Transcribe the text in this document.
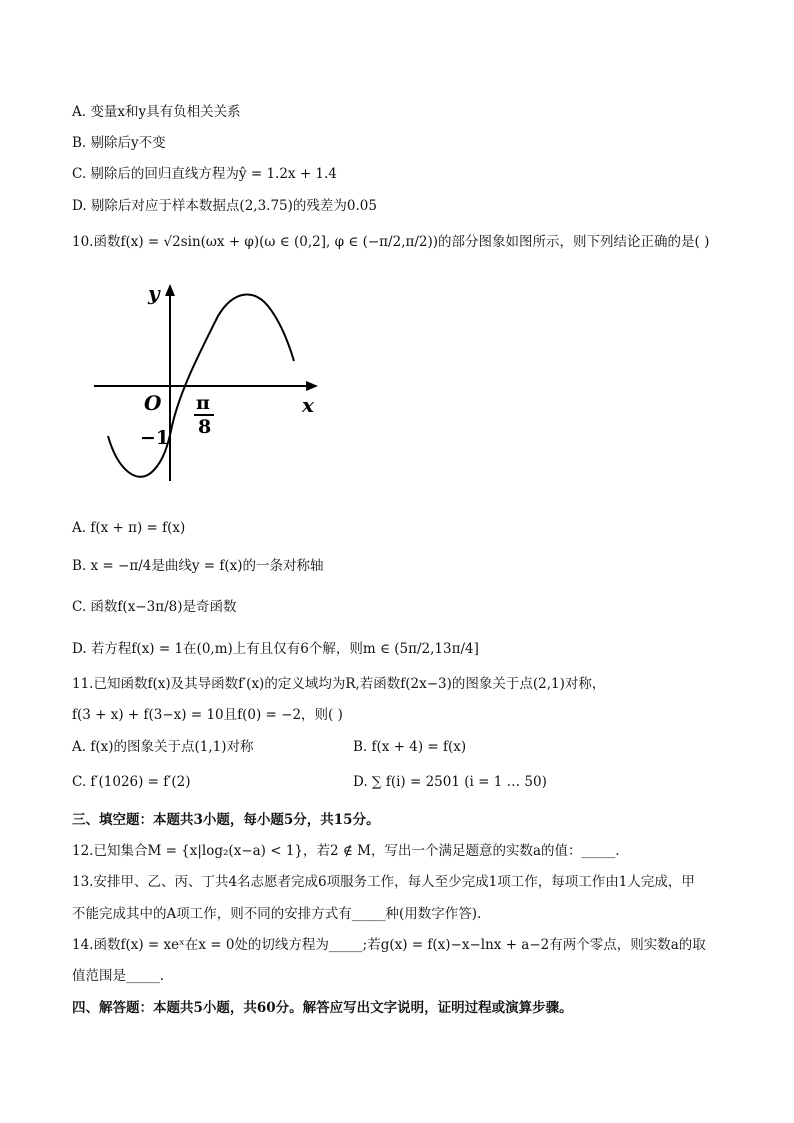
A. 变量x和y具有负相关关系
B. 剔除后y不变
C. 剔除后的回归直线方程为ŷ = 1.2x + 1.4
D. 剔除后对应于样本数据点(2,3.75)的残差为0.05
10.函数f(x) = √2sin(ωx + φ)(ω ∈ (0,2], φ ∈ (−π/2,π/2))的部分图象如图所示，则下列结论正确的是( )
y
x
O
−1
π
8
A. f(x + π) = f(x)
B. x = −π/4是曲线y = f(x)的一条对称轴
C. 函数f(x−3π/8)是奇函数
D. 若方程f(x) = 1在(0,m)上有且仅有6个解，则m ∈ (5π/2,13π/4]
11.已知函数f(x)及其导函数f′(x)的定义域均为R,若函数f(2x−3)的图象关于点(2,1)对称，
f(3 + x) + f(3−x) = 10且f(0) = −2，则( )
A. f(x)的图象关于点(1,1)对称	B. f(x + 4) = f(x)
C. f′(1026) = f′(2)	D. ∑ f(i) = 2501 (i = 1 … 50)
三、填空题：本题共3小题，每小题5分，共15分。
12.已知集合M = {x|log₂(x−a) < 1}，若2 ∉ M，写出一个满足题意的实数a的值：_____.
13.安排甲、乙、丙、丁共4名志愿者完成6项服务工作，每人至少完成1项工作，每项工作由1人完成，甲
不能完成其中的A项工作，则不同的安排方式有_____种(用数字作答).
14.函数f(x) = xeˣ在x = 0处的切线方程为_____;若g(x) = f(x)−x−lnx + a−2有两个零点，则实数a的取
值范围是_____.
四、解答题：本题共5小题，共60分。解答应写出文字说明，证明过程或演算步骤。
